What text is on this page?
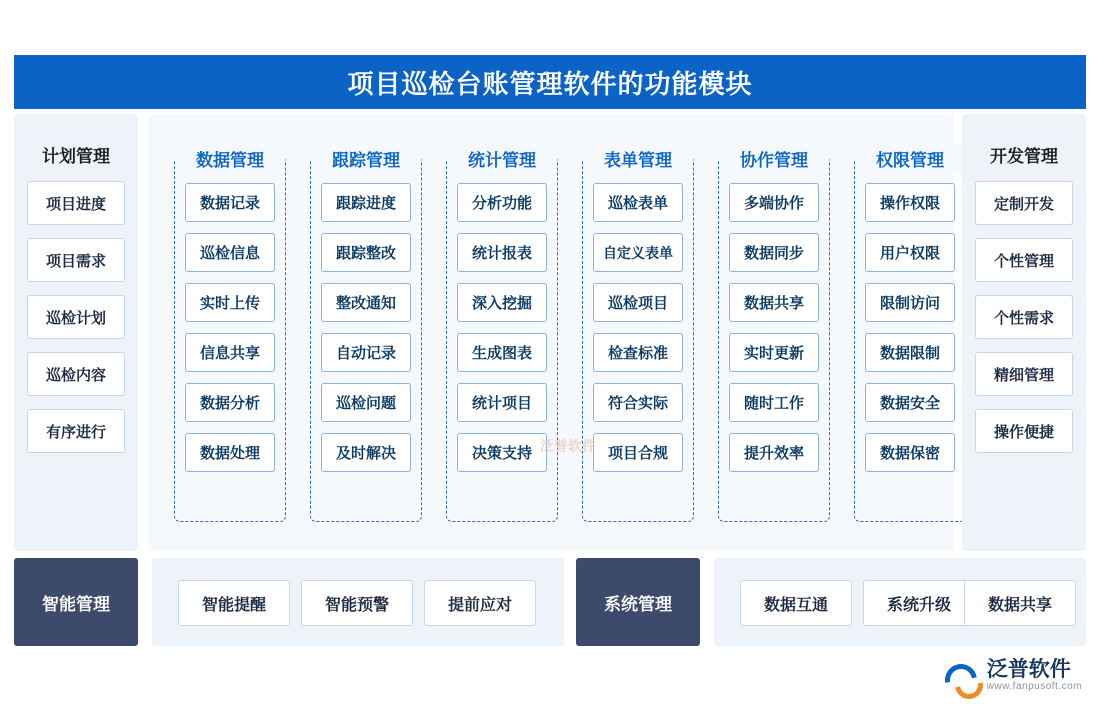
项目巡检台账管理软件的功能模块
计划管理
项目进度
项目需求
巡检计划
巡检内容
有序进行
数据管理
数据记录
巡检信息
实时上传
信息共享
数据分析
数据处理
跟踪管理
跟踪进度
跟踪整改
整改通知
自动记录
巡检问题
及时解决
统计管理
分析功能
统计报表
深入挖掘
生成图表
统计项目
决策支持
表单管理
巡检表单
自定义表单
巡检项目
检查标准
符合实际
项目合规
协作管理
多端协作
数据同步
数据共享
实时更新
随时工作
提升效率
权限管理
操作权限
用户权限
限制访问
数据限制
数据安全
数据保密
泛普软件
开发管理
定制开发
个性管理
个性需求
精细管理
操作便捷
智能管理	智能提醒	智能预警	提前应对	系统管理	数据互通	系统升级	数据共享
泛普软件
www.fanpusoft.com
